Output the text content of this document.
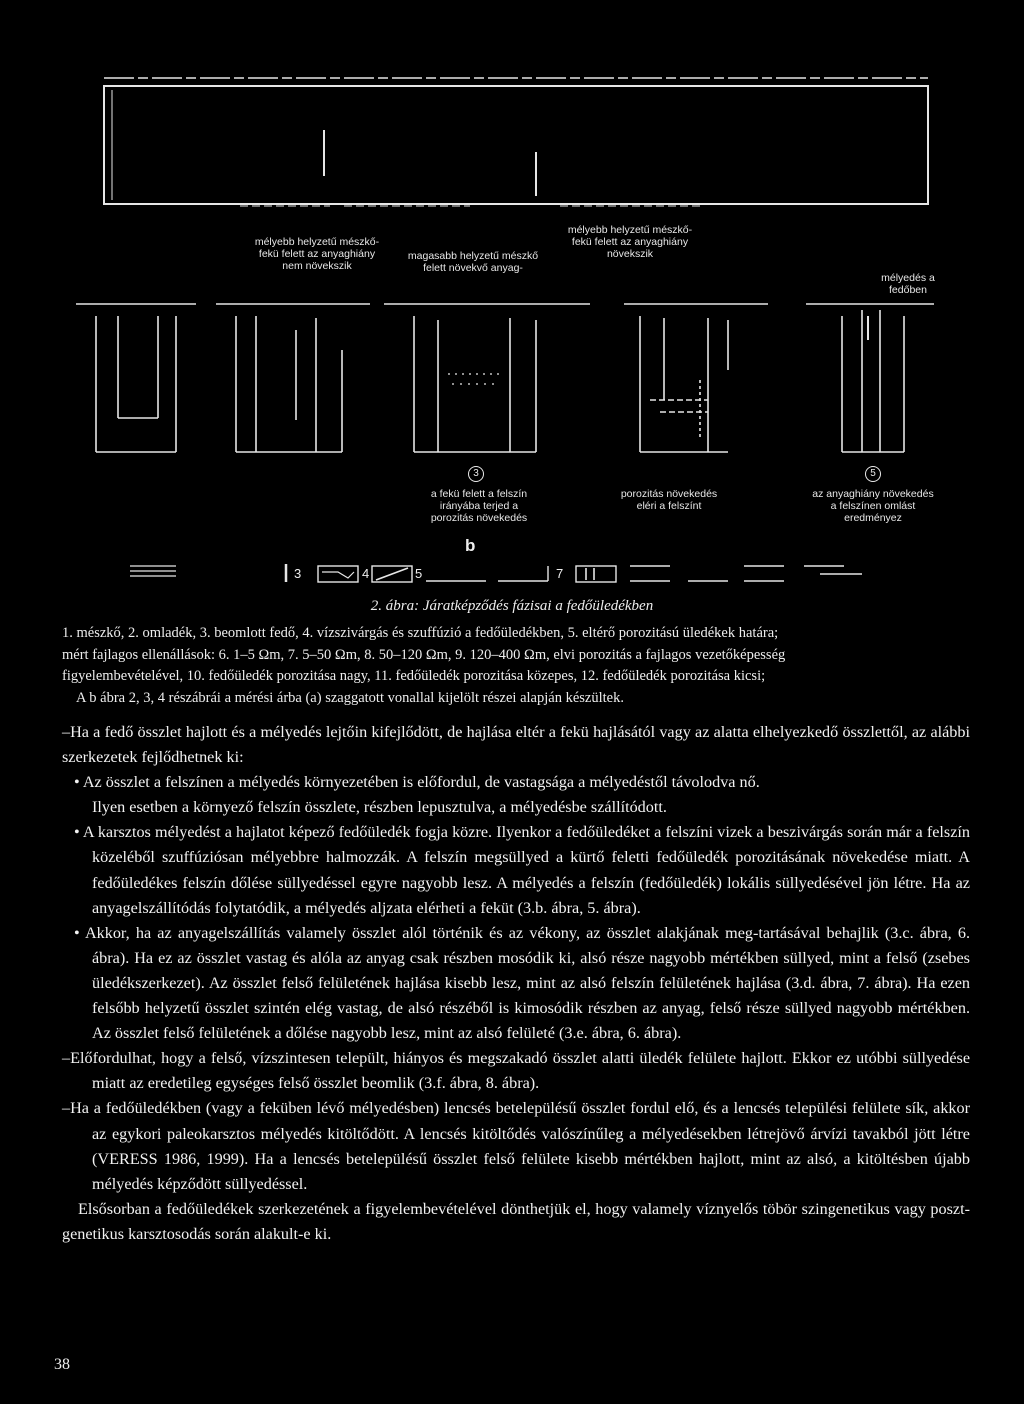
mélyebb helyzetű mészkő-
fekü felett az anyaghiány
nem növekszik
magasabb helyzetű mészkő
felett növekvő anyag-
mélyebb helyzetű mészkő-
fekü felett az anyaghiány
növekszik
mélyedés a
fedőben
3	5
a fekü felett a felszín
irányába terjed a
porozitás növekedés
porozitás növekedés
eléri a felszínt
az anyaghiány növekedés
a felszínen omlást
eredményez
b
3	4	5	7
2. ábra: Járatképződés fázisai a fedőüledékben

1. mészkő, 2. omladék, 3. beomlott fedő, 4. vízszivárgás és szuffúzió a fedőüledékben, 5. eltérő porozitású üledékek határa;

mért fajlagos ellenállások: 6. 1–5 Ωm, 7. 5–50 Ωm, 8. 50–120 Ωm, 9. 120–400 Ωm, elvi porozitás a fajlagos vezetőképesség

figyelembevételével, 10. fedőüledék porozitása nagy, 11. fedőüledék porozitása közepes, 12. fedőüledék porozitása kicsi;

A b ábra 2, 3, 4 részábrái a mérési árba (a) szaggatott vonallal kijelölt részei alapján készültek.

–Ha a fedő összlet hajlott és a mélyedés lejtőin kifejlődött, de hajlása eltér a fekü hajlásától vagy az alatta elhelyezkedő összlettől, az alábbi szerkezetek fejlődhetnek ki:

• Az összlet a felszínen a mélyedés környezetében is előfordul, de vastagsága a mélyedéstől távolodva nő.

Ilyen esetben a környező felszín összlete, részben lepusztulva, a mélyedésbe szállítódott.

• A karsztos mélyedést a hajlatot képező fedőüledék fogja közre. Ilyenkor a fedőüledéket a felszíni vizek a beszivárgás során már a felszín közeléből szuffúziósan mélyebbre halmozzák. A felszín megsüllyed a kürtő feletti fedőüledék porozitásának növekedése miatt. A fedőüledékes felszín dőlése süllyedéssel egyre nagyobb lesz. A mélyedés a felszín (fedőüledék) lokális süllyedésével jön létre. Ha az anyagelszállítódás folytatódik, a mélyedés aljzata elérheti a feküt (3.b. ábra, 5. ábra).

• Akkor, ha az anyagelszállítás valamely összlet alól történik és az vékony, az összlet alakjának meg-tartásával behajlik (3.c. ábra, 6. ábra). Ha ez az összlet vastag és alóla az anyag csak részben mosódik ki, alsó része nagyobb mértékben süllyed, mint a felső (zsebes üledékszerkezet). Az összlet felső felületének hajlása kisebb lesz, mint az alsó felszín felületének hajlása (3.d. ábra, 7. ábra). Ha ezen felsőbb helyzetű összlet szintén elég vastag, de alsó részéből is kimosódik részben az anyag, felső része süllyed nagyobb mértékben. Az összlet felső felületének a dőlése nagyobb lesz, mint az alsó felületé (3.e. ábra, 6. ábra).

–Előfordulhat, hogy a felső, vízszintesen települt, hiányos és megszakadó összlet alatti üledék felülete hajlott. Ekkor ez utóbbi süllyedése miatt az eredetileg egységes felső összlet beomlik (3.f. ábra, 8. ábra).

–Ha a fedőüledékben (vagy a feküben lévő mélyedésben) lencsés betelepülésű összlet fordul elő, és a lencsés települési felülete sík, akkor az egykori paleokarsztos mélyedés kitöltődött. A lencsés kitöltődés valószínűleg a mélyedésekben létrejövő árvízi tavakból jött létre (VERESS 1986, 1999). Ha a lencsés betelepülésű összlet felső felülete kisebb mértékben hajlott, mint az alsó, a kitöltésben újabb mélyedés képződött süllyedéssel.

Elsősorban a fedőüledékek szerkezetének a figyelembevételével dönthetjük el, hogy valamely víznyelős töbör szingenetikus vagy posztgenetikus karsztosodás során alakult-e ki.

38
